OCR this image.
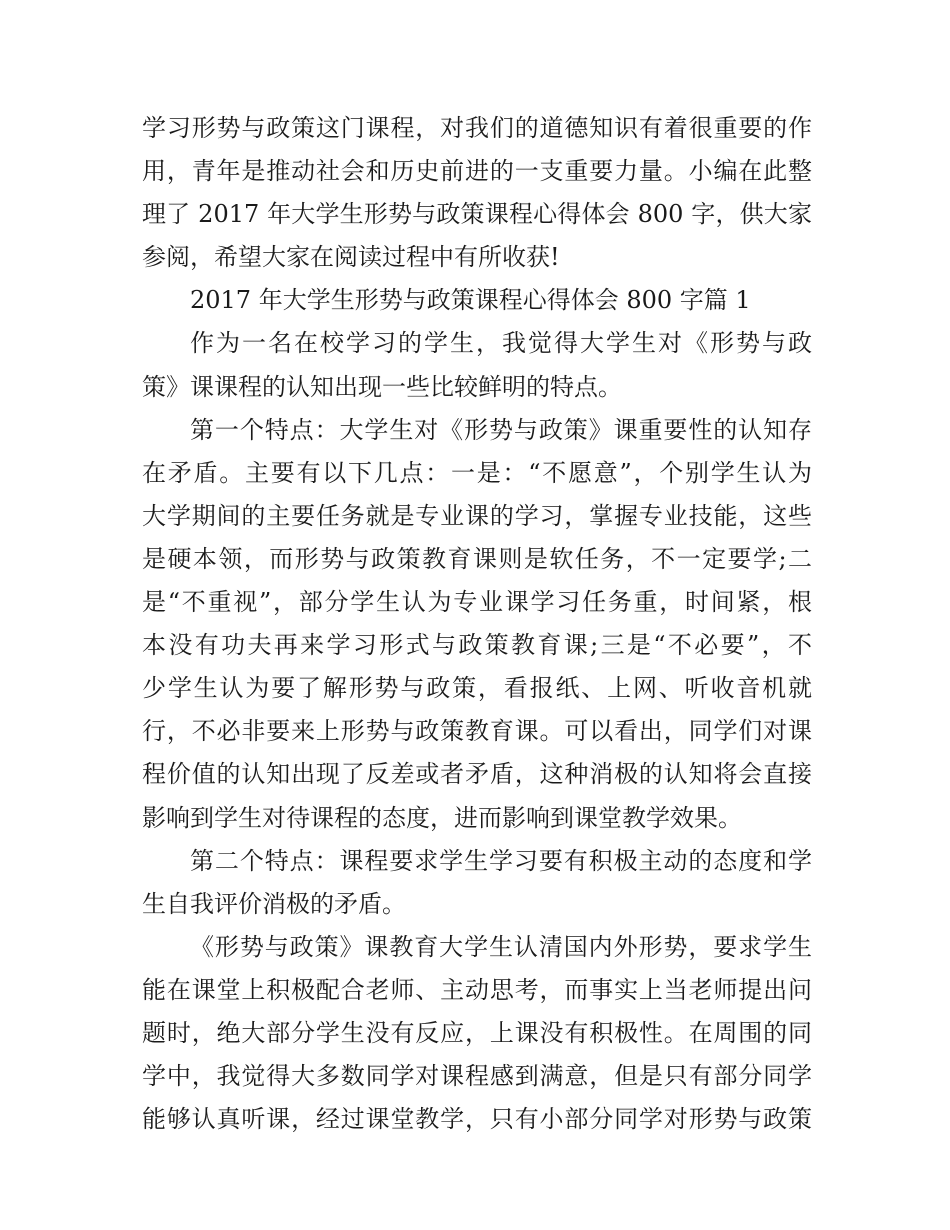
学习形势与政策这门课程，对我们的道德知识有着很重要的作
用，青年是推动社会和历史前进的一支重要力量。小编在此整
理了 2017 年大学生形势与政策课程心得体会 800 字，供大家
参阅，希望大家在阅读过程中有所收获!
2017 年大学生形势与政策课程心得体会 800 字篇 1
作为一名在校学习的学生，我觉得大学生对《形势与政
策》课课程的认知出现一些比较鲜明的特点。
第一个特点：大学生对《形势与政策》课重要性的认知存
在矛盾。主要有以下几点：一是：“不愿意”，个别学生认为
大学期间的主要任务就是专业课的学习，掌握专业技能，这些
是硬本领，而形势与政策教育课则是软任务，不一定要学;二
是“不重视”，部分学生认为专业课学习任务重，时间紧，根
本没有功夫再来学习形式与政策教育课;三是“不必要”，不
少学生认为要了解形势与政策，看报纸、上网、听收音机就
行，不必非要来上形势与政策教育课。可以看出，同学们对课
程价值的认知出现了反差或者矛盾，这种消极的认知将会直接
影响到学生对待课程的态度，进而影响到课堂教学效果。
第二个特点：课程要求学生学习要有积极主动的态度和学
生自我评价消极的矛盾。
《形势与政策》课教育大学生认清国内外形势，要求学生
能在课堂上积极配合老师、主动思考，而事实上当老师提出问
题时，绝大部分学生没有反应，上课没有积极性。在周围的同
学中，我觉得大多数同学对课程感到满意，但是只有部分同学
能够认真听课，经过课堂教学，只有小部分同学对形势与政策
